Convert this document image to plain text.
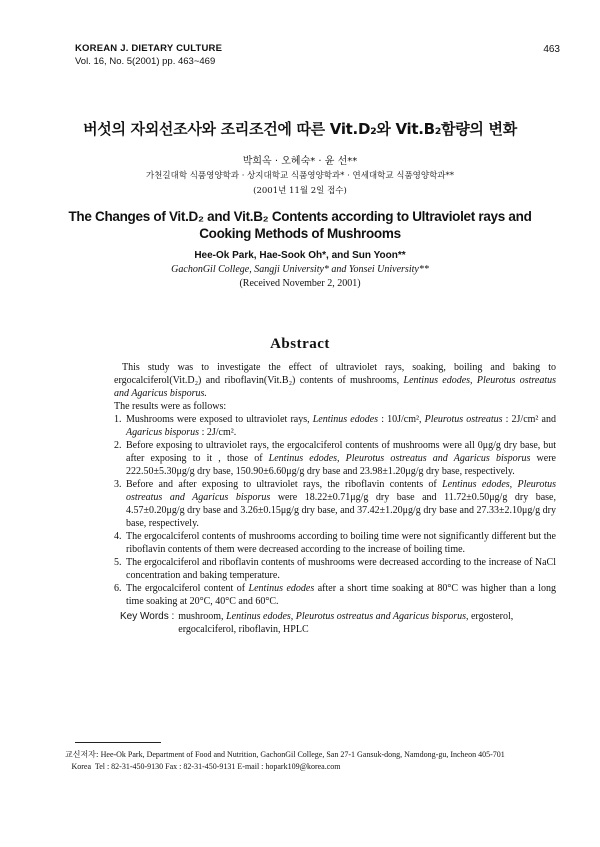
KOREAN J. DIETARY CULTURE
Vol. 16, No. 5(2001) pp. 463~469
463
버섯의 자외선조사와 조리조건에 따른 Vit.D₂와 Vit.B₂함량의 변화
박희옥 · 오혜숙* · 윤 선**
가천길대학 식품영양학과 · 상지대학교 식품영양학과* · 연세대학교 식품영양학과**
(2001년 11월 2일 접수)
The Changes of Vit.D₂ and Vit.B₂ Contents according to Ultraviolet rays and
Cooking Methods of Mushrooms
Hee-Ok Park, Hae-Sook Oh*, and Sun Yoon**
GachonGil College, Sangji University* and Yonsei University**
(Received November 2, 2001)
Abstract

This study was to investigate the effect of ultraviolet rays, soaking, boiling and baking to ergocalciferol(Vit.D₂) and riboflavin(Vit.B₂) contents of mushrooms, Lentinus edodes, Pleurotus ostreatus and Agaricus bisporus.

The results were as follows:

1. Mushrooms were exposed to ultraviolet rays, Lentinus edodes : 10J/cm², Pleurotus ostreatus : 2J/cm² and Agaricus bisporus : 2J/cm².
2. Before exposing to ultraviolet rays, the ergocalciferol contents of mushrooms were all 0μg/g dry base, but after exposing to it , those of Lentinus edodes, Pleurotus ostreatus and Agaricus bisporus were 222.50±5.30μg/g dry base, 150.90±6.60μg/g dry base and 23.98±1.20μg/g dry base, respectively.
3. Before and after exposing to ultraviolet rays, the riboflavin contents of Lentinus edodes, Pleurotus ostreatus and Agaricus bisporus were 18.22±0.71μg/g dry base and 11.72±0.50μg/g dry base, 4.57±0.20μg/g dry base and 3.26±0.15μg/g dry base, and 37.42±1.20μg/g dry base and 27.33±2.10μg/g dry base, respectively.
4. The ergocalciferol contents of mushrooms according to boiling time were not significantly different but the riboflavin contents of them were decreased according to the increase of boiling time.
5. The ergocalciferol and riboflavin contents of mushrooms were decreased according to the increase of NaCl concentration and baking temperature.
6. The ergocalciferol content of Lentinus edodes after a short time soaking at 80°C was higher than a long time soaking at 20°C, 40°C and 60°C.
Key Words : mushroom, Lentinus edodes, Pleurotus ostreatus and Agaricus bisporus, ergosterol, ergocalciferol, riboflavin, HPLC
교신저자: Hee-Ok Park, Department of Food and Nutrition, GachonGil College, San 27-1 Gansuk-dong, Namdong-gu, Incheon 405-701
Korea Tel : 82-31-450-9130 Fax : 82-31-450-9131 E-mail : hopark109@korea.com
